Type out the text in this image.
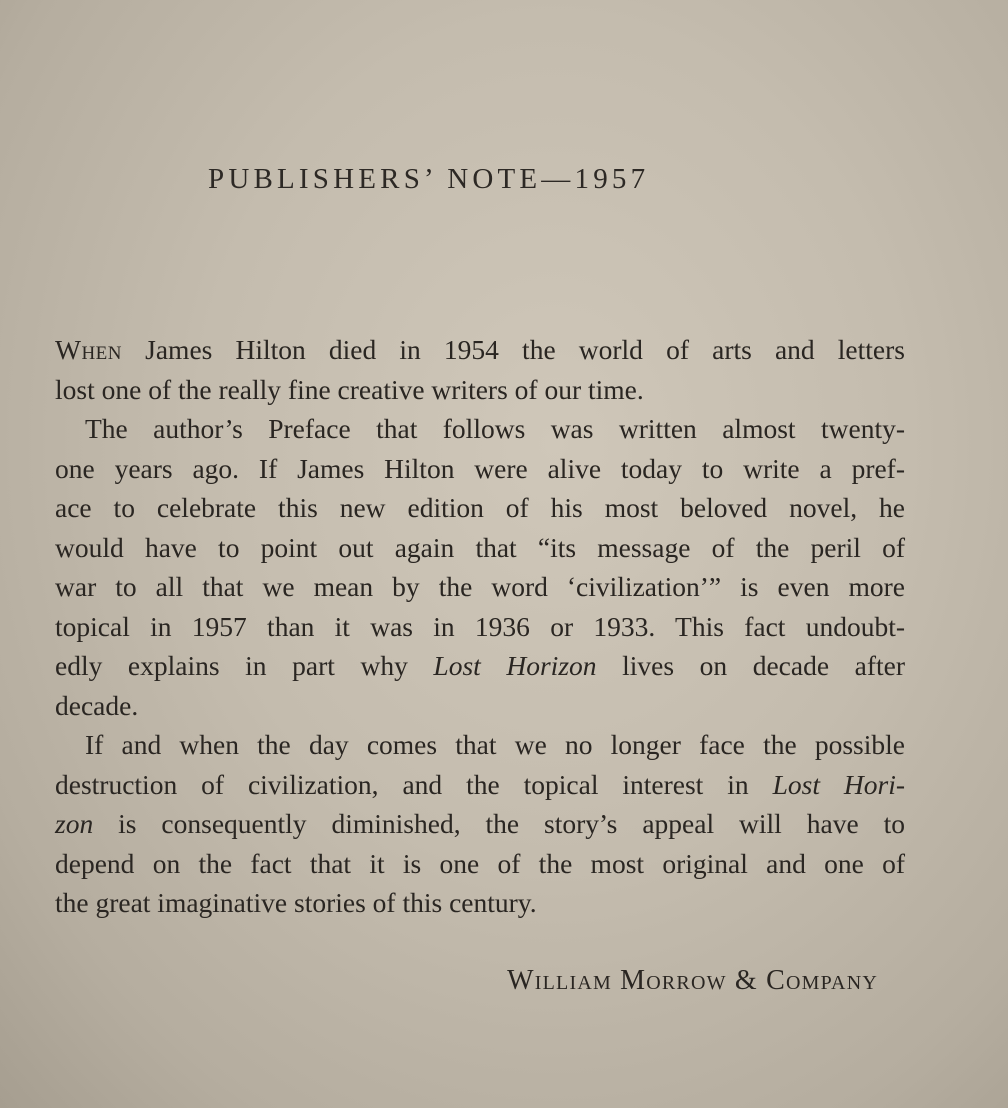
PUBLISHERS’ NOTE—1957
When James Hilton died in 1954 the world of arts and letters
lost one of the really fine creative writers of our time.
The author’s Preface that follows was written almost twenty-
one years ago. If James Hilton were alive today to write a pref-
ace to celebrate this new edition of his most beloved novel, he
would have to point out again that “its message of the peril of
war to all that we mean by the word ‘civilization’” is even more
topical in 1957 than it was in 1936 or 1933. This fact undoubt-
edly explains in part why Lost Horizon lives on decade after
decade.
If and when the day comes that we no longer face the possible
destruction of civilization, and the topical interest in Lost Hori-
zon is consequently diminished, the story’s appeal will have to
depend on the fact that it is one of the most original and one of
the great imaginative stories of this century.
William Morrow & Company
